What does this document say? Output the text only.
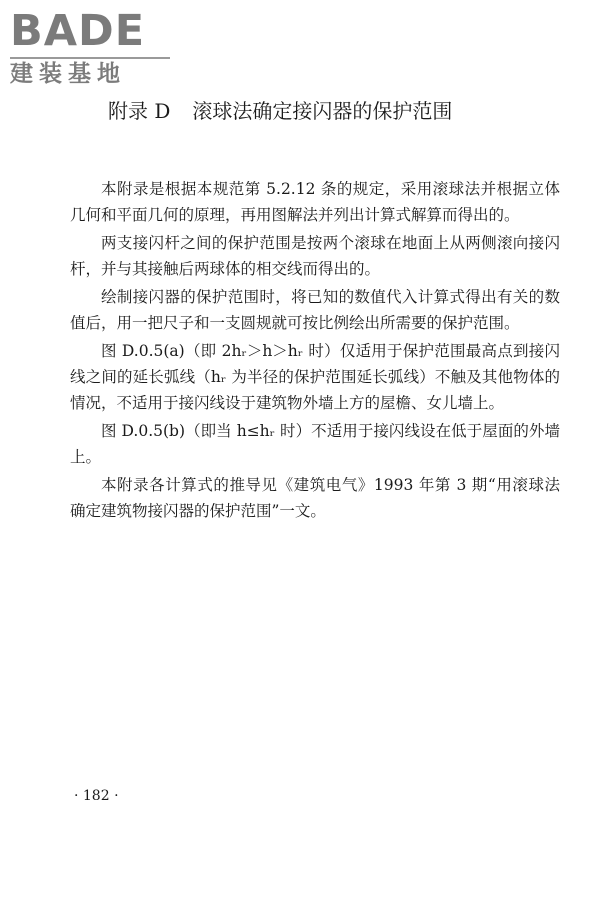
BADE
建装基地
附录 D 滚球法确定接闪器的保护范围

本附录是根据本规范第 5.2.12 条的规定，采用滚球法并根据立体几何和平面几何的原理，再用图解法并列出计算式解算而得出的。

两支接闪杆之间的保护范围是按两个滚球在地面上从两侧滚向接闪杆，并与其接触后两球体的相交线而得出的。

绘制接闪器的保护范围时，将已知的数值代入计算式得出有关的数值后，用一把尺子和一支圆规就可按比例绘出所需要的保护范围。

图 D.0.5(a)（即 2hᵣ＞h＞hᵣ 时）仅适用于保护范围最高点到接闪线之间的延长弧线（hᵣ 为半径的保护范围延长弧线）不触及其他物体的情况，不适用于接闪线设于建筑物外墙上方的屋檐、女儿墙上。

图 D.0.5(b)（即当 h≤hᵣ 时）不适用于接闪线设在低于屋面的外墙上。

本附录各计算式的推导见《建筑电气》1993 年第 3 期“用滚球法确定建筑物接闪器的保护范围”一文。

· 182 ·
